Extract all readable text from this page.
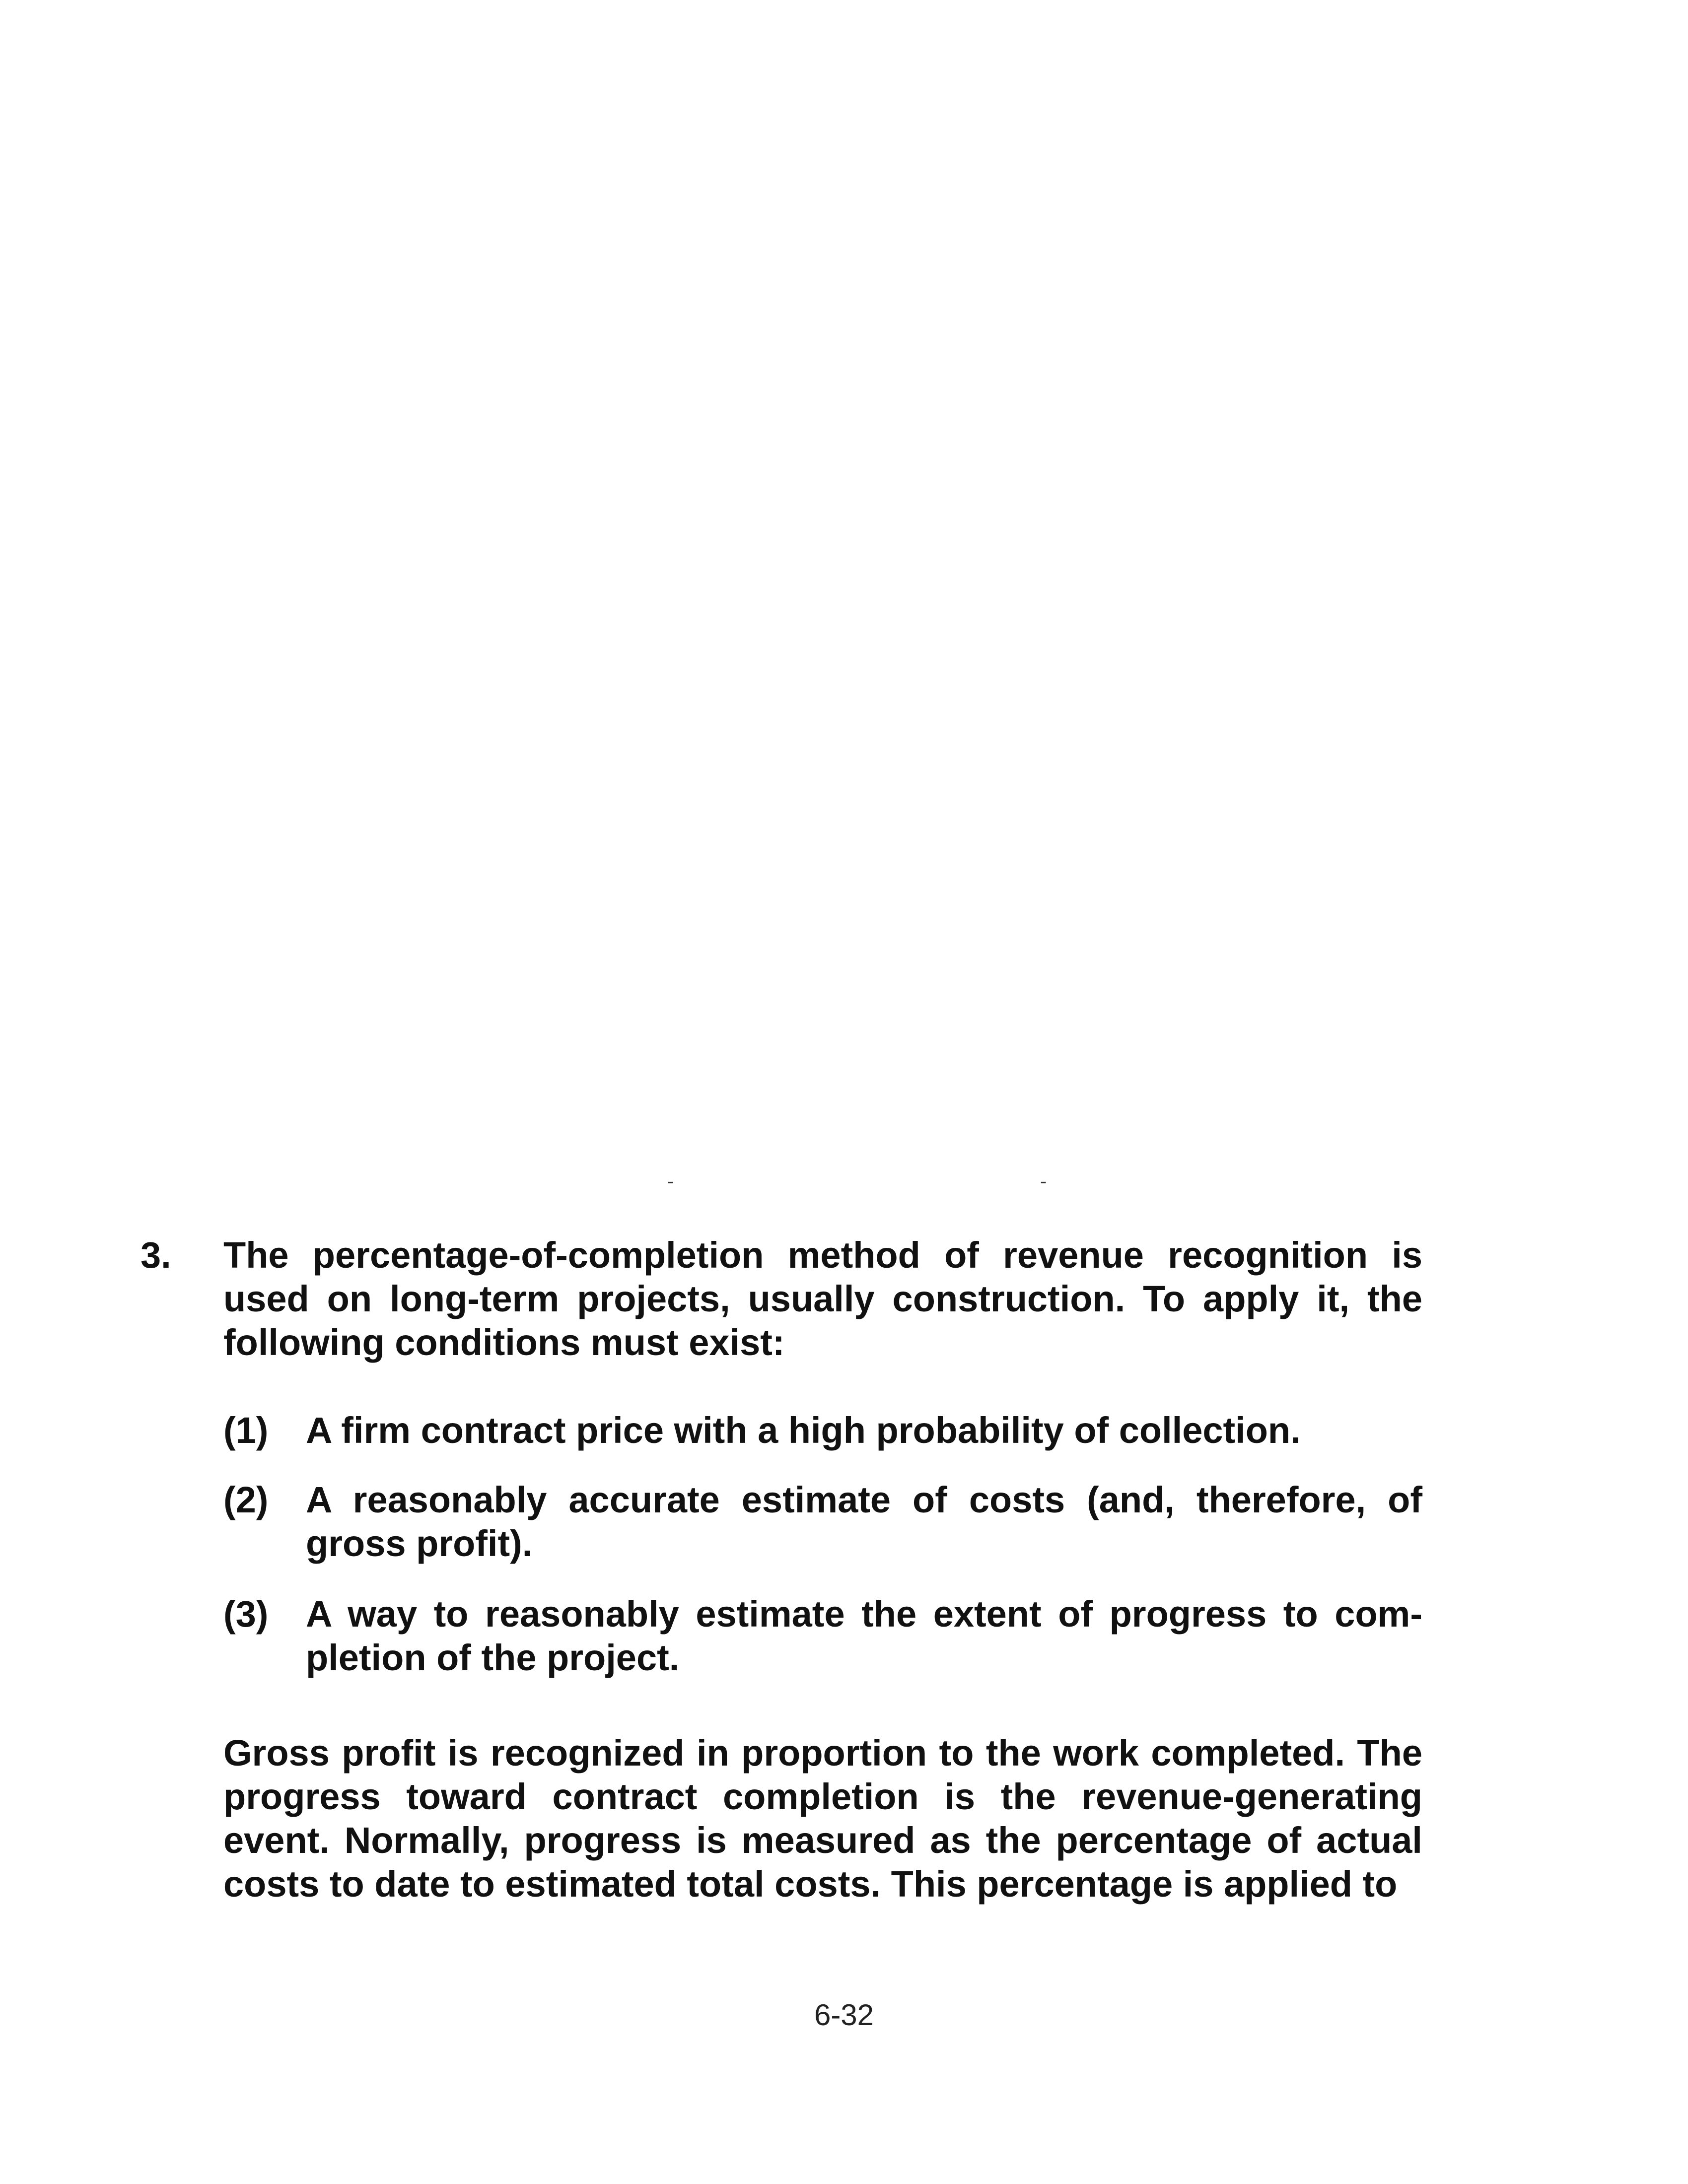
-	-
3. The percentage-of-completion method of revenue recognition is used on long-term projects, usually construction. To apply it, the following conditions must exist:

(1) A firm contract price with a high probability of collection.

(2) A reasonably accurate estimate of costs (and, therefore, of gross profit).

(3) A way to reasonably estimate the extent of progress to com- pletion of the project.

Gross profit is recognized in proportion to the work completed. The progress toward contract completion is the revenue-generating event. Normally, progress is measured as the percentage of actual costs to date to estimated total costs. This percentage is applied to

6-32
